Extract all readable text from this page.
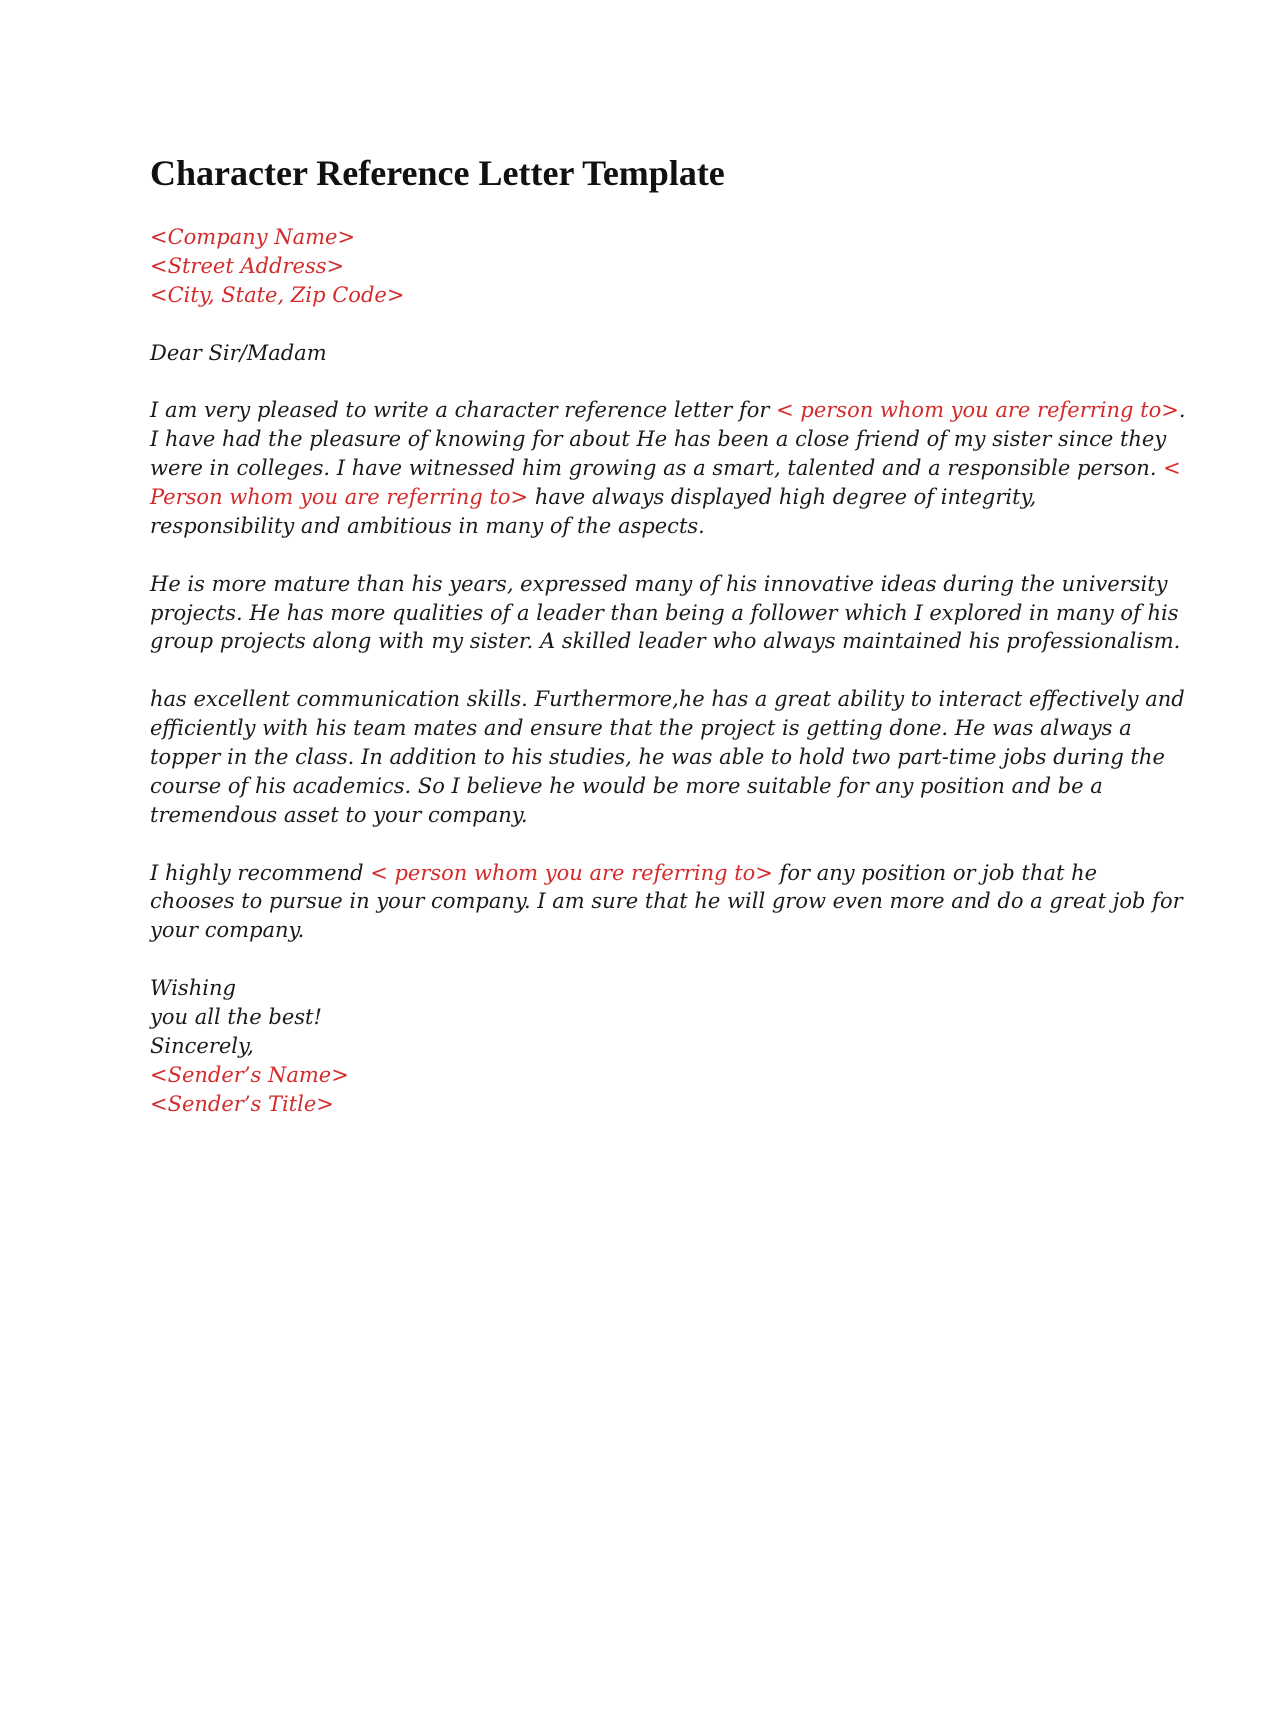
Character Reference Letter Template
<Company Name>
<Street Address>
<City, State, Zip Code>
Dear Sir/Madam
I am very pleased to write a character reference letter for < person whom you are referring to>.
I have had the pleasure of knowing for about He has been a close friend of my sister since they
were in colleges. I have witnessed him growing as a smart, talented and a responsible person. <
Person whom you are referring to> have always displayed high degree of integrity,
responsibility and ambitious in many of the aspects.
He is more mature than his years, expressed many of his innovative ideas during the university
projects. He has more qualities of a leader than being a follower which I explored in many of his
group projects along with my sister. A skilled leader who always maintained his professionalism.
has excellent communication skills. Furthermore,he has a great ability to interact effectively and
efficiently with his team mates and ensure that the project is getting done. He was always a
topper in the class. In addition to his studies, he was able to hold two part-time jobs during the
course of his academics. So I believe he would be more suitable for any position and be a
tremendous asset to your company.
I highly recommend < person whom you are referring to> for any position or job that he
chooses to pursue in your company. I am sure that he will grow even more and do a great job for
your company.
Wishing
you all the best!
Sincerely,
<Sender’s Name>
<Sender’s Title>
